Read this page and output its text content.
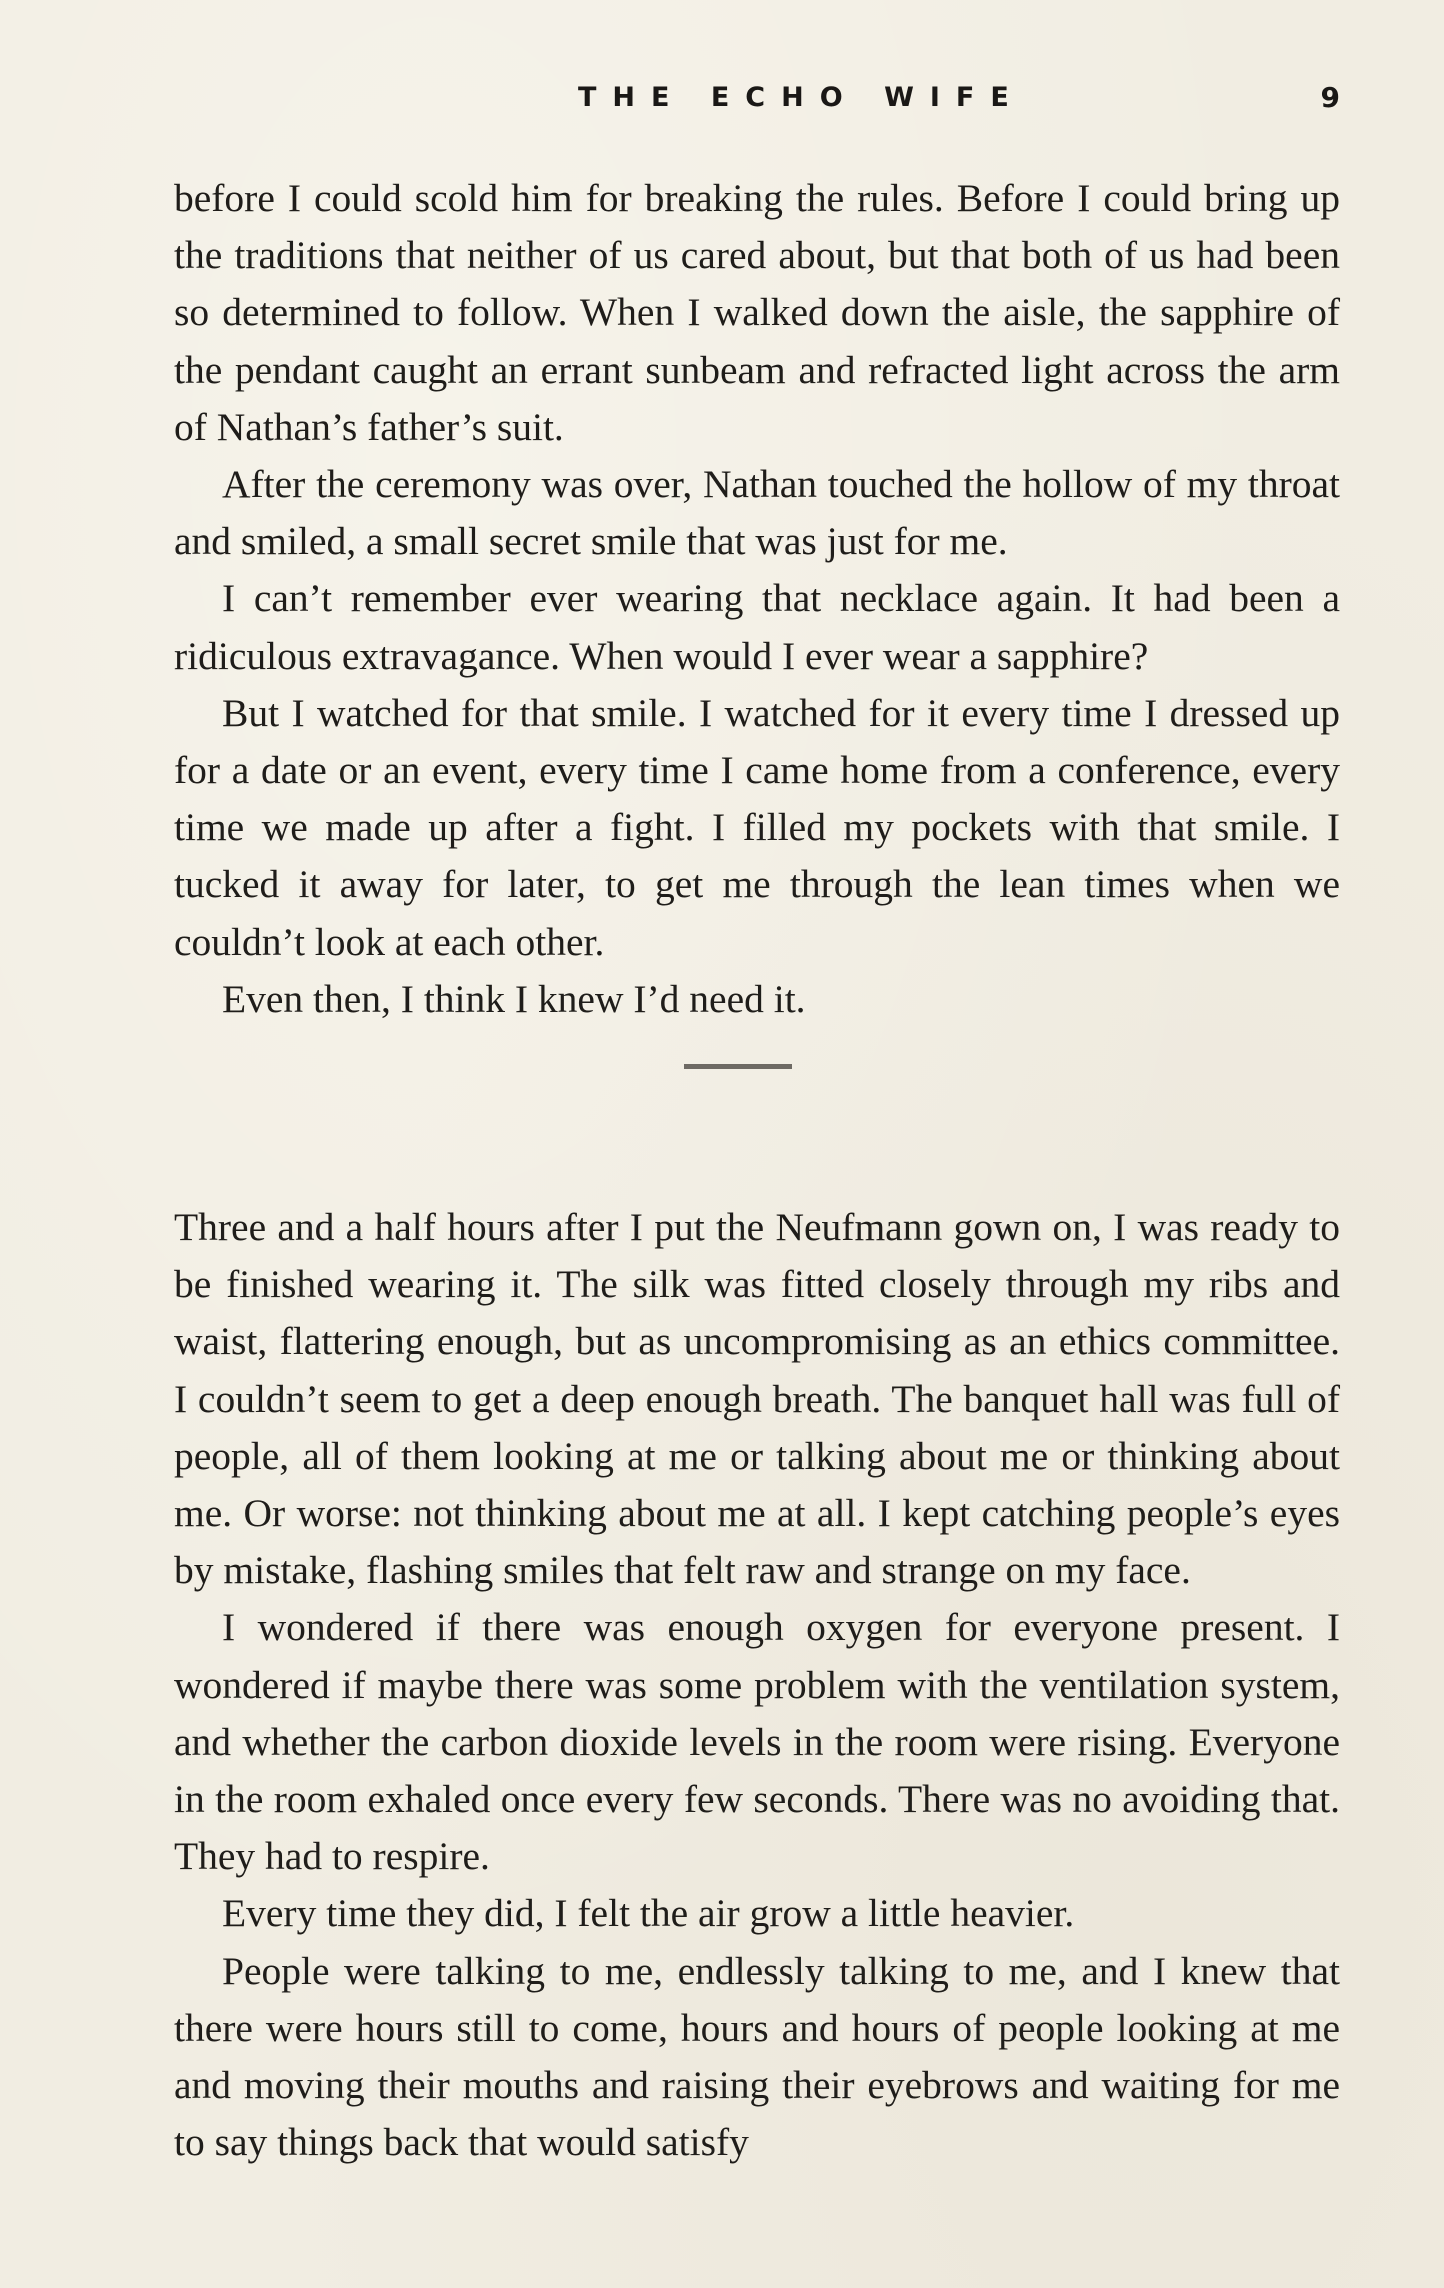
THE ECHO WIFE	9

before I could scold him for breaking the rules. Before I could bring up the traditions that neither of us cared about, but that both of us had been so determined to follow. When I walked down the aisle, the sapphire of the pendant caught an errant sunbeam and refracted light across the arm of Nathan’s father’s suit.

After the ceremony was over, Nathan touched the hollow of my throat and smiled, a small secret smile that was just for me.

I can’t remember ever wearing that necklace again. It had been a ridiculous extravagance. When would I ever wear a sapphire?

But I watched for that smile. I watched for it every time I dressed up for a date or an event, every time I came home from a conference, every time we made up after a fight. I filled my pockets with that smile. I tucked it away for later, to get me through the lean times when we couldn’t look at each other.

Even then, I think I knew I’d need it.

Three and a half hours after I put the Neufmann gown on, I was ready to be finished wearing it. The silk was fitted closely through my ribs and waist, flattering enough, but as uncompromising as an ethics committee. I couldn’t seem to get a deep enough breath. The banquet hall was full of people, all of them looking at me or talking about me or thinking about me. Or worse: not thinking about me at all. I kept catching people’s eyes by mistake, flashing smiles that felt raw and strange on my face.

I wondered if there was enough oxygen for everyone present. I wondered if maybe there was some problem with the ventilation system, and whether the carbon dioxide levels in the room were rising. Everyone in the room exhaled once every few seconds. There was no avoiding that. They had to respire.

Every time they did, I felt the air grow a little heavier.

People were talking to me, endlessly talking to me, and I knew that there were hours still to come, hours and hours of people looking at me and moving their mouths and raising their eyebrows and waiting for me to say things back that would satisfy
